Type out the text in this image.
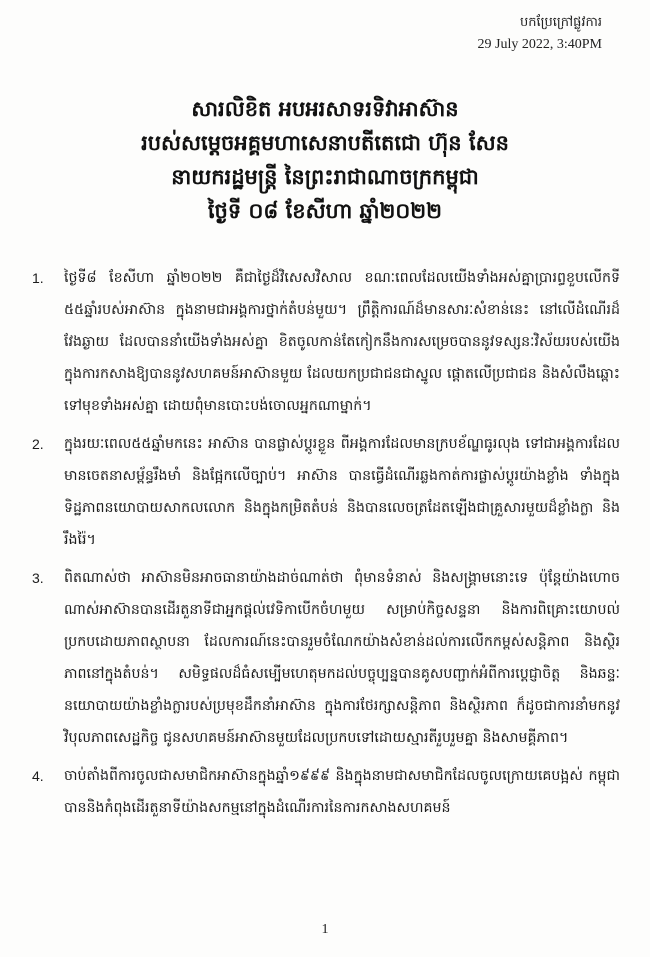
បកប្រែក្រៅផ្លូវការ
29 July 2022, 3:40PM
សារលិខិត អបអរសាទរទិវាអាស៊ាន
របស់សម្តេចអគ្គមហាសេនាបតីតេជោ ហ៊ុន សែន
នាយករដ្ឋមន្ត្រី នៃព្រះរាជាណាចក្រកម្ពុជា
ថ្ងៃទី ០៨ ខែសីហា ឆ្នាំ២០២២
1. ថ្ងៃទី៨ ខែសីហា ឆ្នាំ២០២២ គឺជាថ្ងៃដ៏វិសេសវិសាល ខណៈពេលដែលយើងទាំងអស់គ្នាប្រារព្ធខួបលើកទី ៥៥ឆ្នាំរបស់អាស៊ាន ក្នុងនាមជាអង្គការថ្នាក់តំបន់មួយ។ ព្រឹត្តិការណ៍ដ៏មានសារៈសំខាន់នេះ នៅលើដំណើរដ៏វែងឆ្ងាយ ដែលបាននាំយើងទាំងអស់គ្នា ខិតចូលកាន់តែកៀកនឹងការសម្រេចបាននូវទស្សនៈវិស័យរបស់យើងក្នុងការកសាងឱ្យបាននូវសហគមន៍អាស៊ានមួយ ដែលយកប្រជាជនជាស្នូល ផ្តោតលើប្រជាជន និងសំលឹងឆ្ពោះទៅមុខទាំងអស់គ្នា ដោយពុំមានបោះបង់ចោលអ្នកណាម្នាក់។
2. ក្នុងរយៈពេល៥៥ឆ្នាំមកនេះ អាស៊ាន បានផ្លាស់ប្តូរខ្លួន ពីអង្គការដែលមានក្របខ័ណ្ឌធូរលុង ទៅជាអង្គការដែលមានចេតនាសម្ព័ន្ធរឹងមាំ និងផ្អែកលើច្បាប់។ អាស៊ាន បានធ្វើដំណើរឆ្លងកាត់ការផ្លាស់ប្តូរយ៉ាងខ្លាំង ទាំងក្នុងទិដ្ឋភាពនយោបាយសាកលលោក និងក្នុងកម្រិតតំបន់ និងបានលេចត្រដែតឡើងជាគ្រួសារមួយដ៏ខ្លាំងក្លា និងរឹងរ៉ៃ។
3. ពិតណាស់ថា អាស៊ានមិនអាចធានាយ៉ាងដាច់ណាត់ថា ពុំមានទំនាស់ និងសង្រ្គាមនោះទេ ប៉ុន្តែយ៉ាងហោចណាស់អាស៊ានបានដើរតួនាទីជាអ្នកផ្តល់វេទិកាបើកចំហមួយ សម្រាប់កិច្ចសន្ទនា និងការពិគ្រោះយោបល់ប្រកបដោយភាពស្ថាបនា ដែលការណ៍នេះបានរួមចំណែកយ៉ាងសំខាន់ដល់ការលើកកម្ពស់សន្តិភាព និងស្ថិរភាពនៅក្នុងតំបន់។ សមិទ្ធផលដ៏ធំសម្បើមហេតុមកដល់បច្ចុប្បន្នបានគូសបញ្ជាក់អំពីការប្តេជ្ញាចិត្ត និងឆន្ទៈនយោបាយយ៉ាងខ្លាំងក្លារបស់ប្រមុខដឹកនាំអាស៊ាន ក្នុងការថែរក្សាសន្តិភាព និងស្ថិរភាព ក៏ដូចជាការនាំមកនូវវិបុលភាពសេដ្ឋកិច្ច ជូនសហគមន៍អាស៊ានមួយដែលប្រកបទៅដោយស្មារតីរួបរួមគ្នា និងសាមគ្គីភាព។
4. ចាប់តាំងពីការចូលជាសមាជិកអាស៊ានក្នុងឆ្នាំ១៩៩៩ និងក្នុងនាមជាសមាជិកដែលចូលក្រោយគេបង្អស់ កម្ពុជាបាននិងកំពុងដើរតួនាទីយ៉ាងសកម្មនៅក្នុងដំណើរការនៃការកសាងសហគមន៍
1
